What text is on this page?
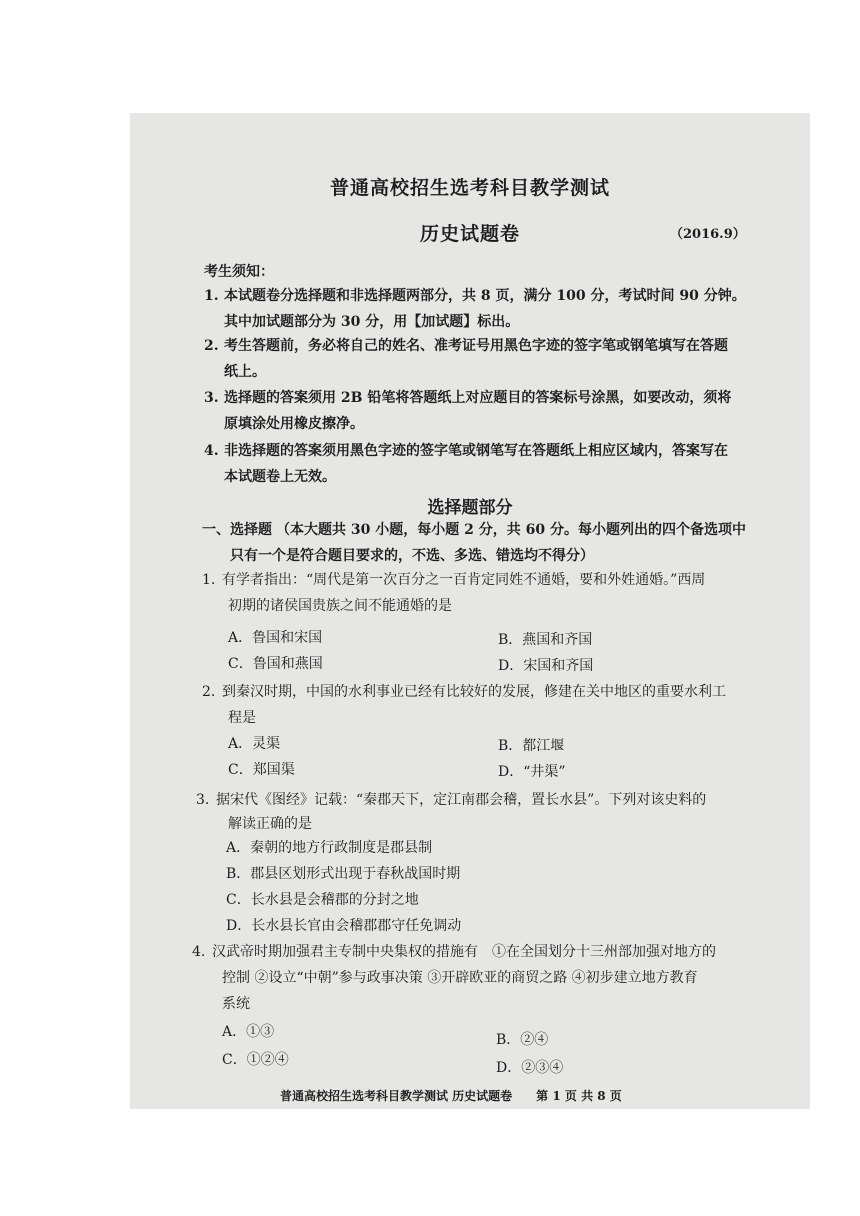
普通高校招生选考科目教学测试
历史试题卷	（2016.9）
考生须知：
1. 本试题卷分选择题和非选择题两部分，共 8 页，满分 100 分，考试时间 90 分钟。
其中加试题部分为 30 分，用【加试题】标出。
2. 考生答题前，务必将自己的姓名、准考证号用黑色字迹的签字笔或钢笔填写在答题
纸上。
3. 选择题的答案须用 2B 铅笔将答题纸上对应题目的答案标号涂黑，如要改动，须将
原填涂处用橡皮擦净。
4. 非选择题的答案须用黑色字迹的签字笔或钢笔写在答题纸上相应区域内，答案写在
本试题卷上无效。
选择题部分
一、选择题 （本大题共 30 小题，每小题 2 分，共 60 分。每小题列出的四个备选项中
只有一个是符合题目要求的，不选、多选、错选均不得分）
1. 有学者指出：“周代是第一次百分之一百肯定同姓不通婚，要和外姓通婚。”西周
初期的诸侯国贵族之间不能通婚的是
A．鲁国和宋国	B．燕国和齐国
C．鲁国和燕国	D．宋国和齐国
2. 到秦汉时期，中国的水利事业已经有比较好的发展，修建在关中地区的重要水利工
程是
A．灵渠	B．都江堰
C．郑国渠	D．“井渠”
3. 据宋代《图经》记载：“秦郡天下，定江南郡会稽，置长水县”。下列对该史料的
解读正确的是
A．秦朝的地方行政制度是郡县制
B．郡县区划形式出现于春秋战国时期
C．长水县是会稽郡的分封之地
D．长水县长官由会稽郡郡守任免调动
4. 汉武帝时期加强君主专制中央集权的措施有　①在全国划分十三州部加强对地方的
控制 ②设立“中朝”参与政事决策 ③开辟欧亚的商贸之路 ④初步建立地方教育
系统
A．①③	B．②④
C．①②④	D．②③④
普通高校招生选考科目教学测试 历史试题卷　　第 1 页 共 8 页
